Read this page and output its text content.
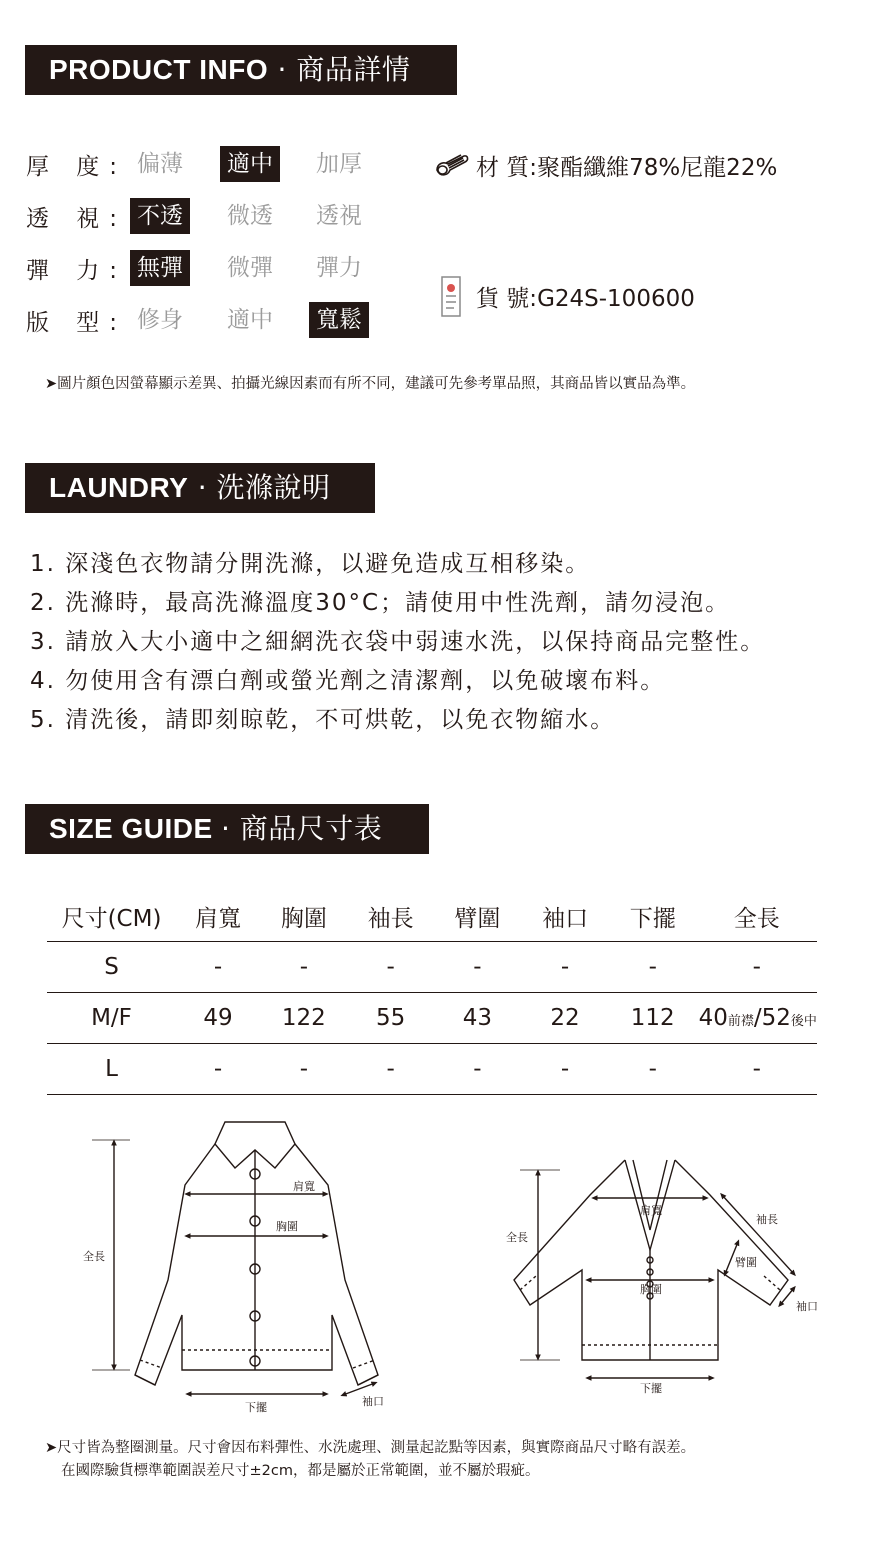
PRODUCT INFO · 商品詳情
厚 度: 偏薄	適中	加厚
透 視: 不透	微透	透視
彈 力: 無彈	微彈	彈力
版 型: 修身	適中	寬鬆
材 質:聚酯纖維78%尼龍22%
貨 號:G24S-100600
➤圖片顏色因螢幕顯示差異、拍攝光線因素而有所不同，建議可先參考單品照，其商品皆以實品為準。
LAUNDRY · 洗滌說明
1. 深淺色衣物請分開洗滌，以避免造成互相移染。
2. 洗滌時，最高洗滌溫度30°C；請使用中性洗劑，請勿浸泡。
3. 請放入大小適中之細網洗衣袋中弱速水洗，以保持商品完整性。
4. 勿使用含有漂白劑或螢光劑之清潔劑，以免破壞布料。
5. 清洗後，請即刻晾乾，不可烘乾，以免衣物縮水。
SIZE GUIDE · 商品尺寸表
尺寸(CM)	肩寬	胸圍	袖長	臂圍	袖口	下擺	全長
S	-	-	-	-	-	-	-
M/F	49	122	55	43	22	112	40前襟/52後中
L	-	-	-	-	-	-	-
肩寬
胸圍
全長
下擺	袖口
肩寬
袖長
臂圍
胸圍
全長
下擺
袖口
➤尺寸皆為整圈測量。尺寸會因布料彈性、水洗處理、測量起訖點等因素，與實際商品尺寸略有誤差。
在國際驗貨標準範圍誤差尺寸±2cm，都是屬於正常範圍，並不屬於瑕疵。
